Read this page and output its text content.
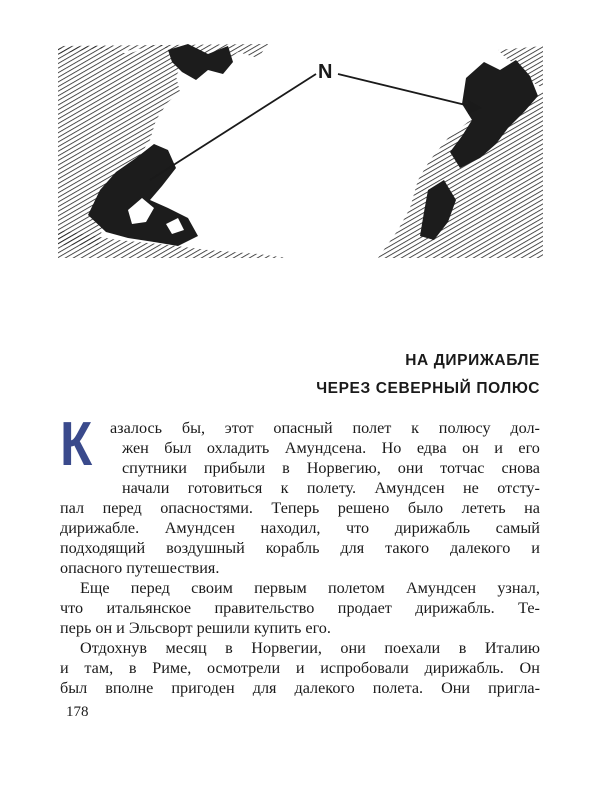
N
НА ДИРИЖАБЛЕ
ЧЕРЕЗ СЕВЕРНЫЙ ПОЛЮС
К	азалось бы, этот опасный полет к полюсу дол-
жен был охладить Амундсена. Но едва он и его
спутники прибыли в Норвегию, они тотчас снова
начали готовиться к полету. Амундсен не отсту-
пал перед опасностями. Теперь решено было лететь на
дирижабле. Амундсен находил, что дирижабль самый
подходящий воздушный корабль для такого далекого и
опасного путешествия.
Еще перед своим первым полетом Амундсен узнал,
что итальянское правительство продает дирижабль. Те-
перь он и Эльсворт решили купить его.
Отдохнув месяц в Норвегии, они поехали в Италию
и там, в Риме, осмотрели и испробовали дирижабль. Он
был вполне пригоден для далекого полета. Они пригла-
178
